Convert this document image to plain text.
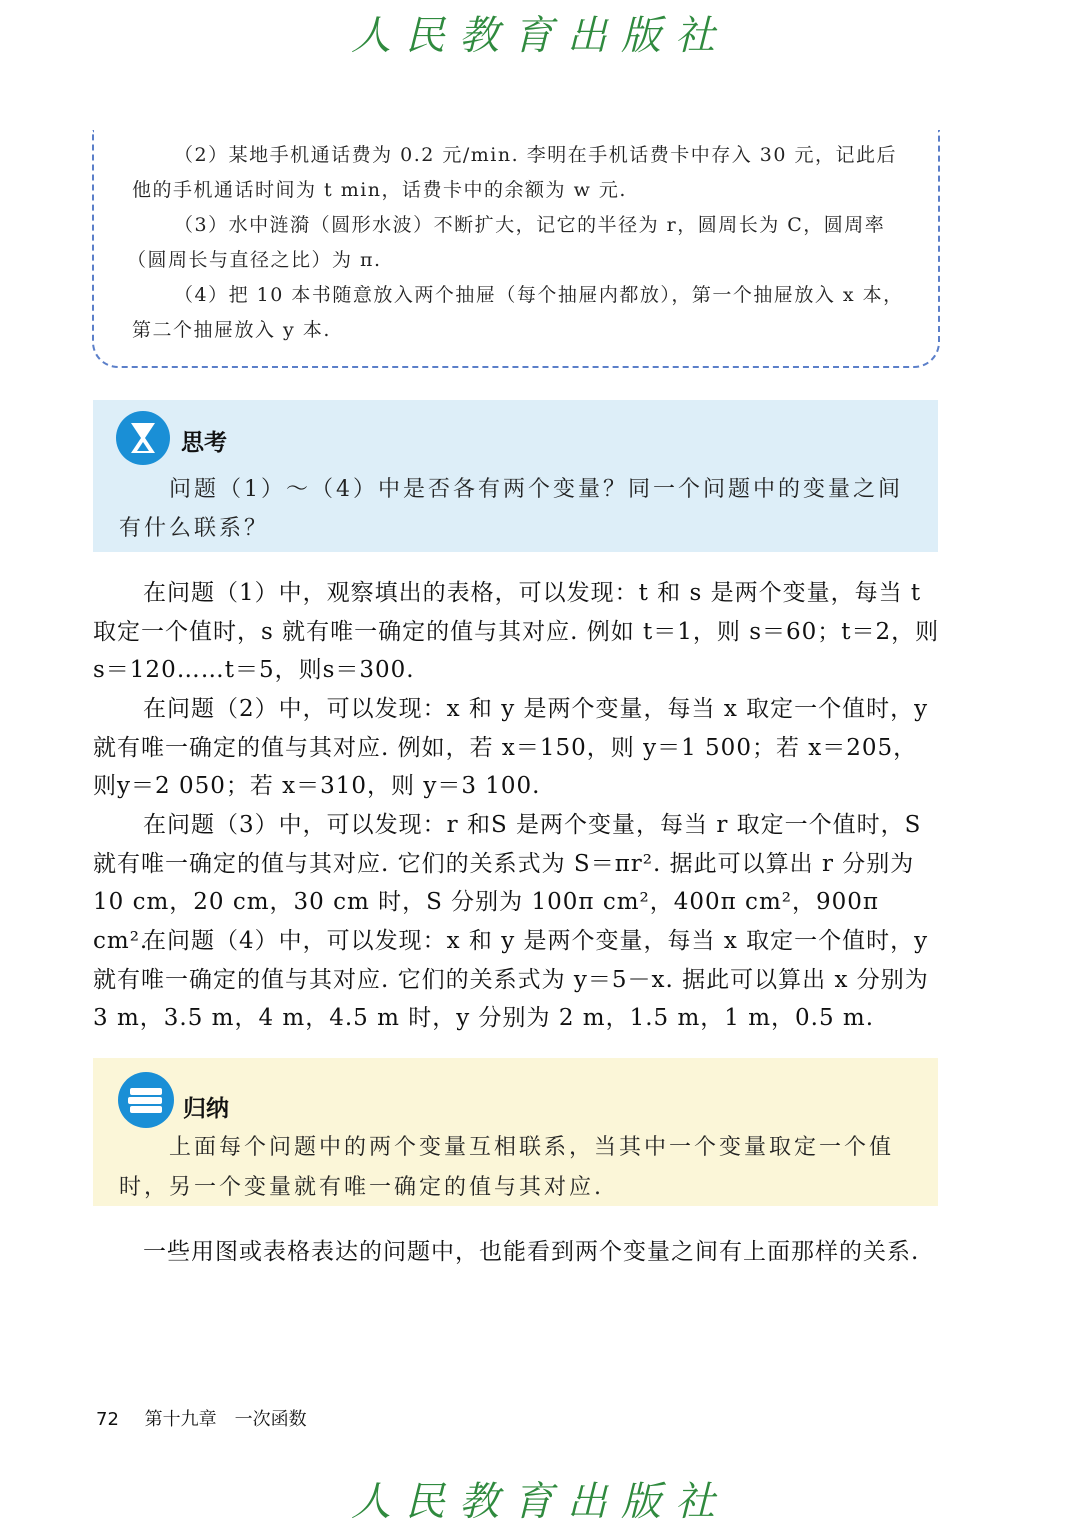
人民教育出版社
（2）某地手机通话费为 0.2 元/min. 李明在手机话费卡中存入 30 元，记此后
他的手机通话时间为 t min，话费卡中的余额为 w 元.
（3）水中涟漪（圆形水波）不断扩大，记它的半径为 r，圆周长为 C，圆周率
（圆周长与直径之比）为 π.
（4）把 10 本书随意放入两个抽屉（每个抽屉内都放），第一个抽屉放入 x 本，
第二个抽屉放入 y 本.
思考
问题（1）～（4）中是否各有两个变量？同一个问题中的变量之间有什么联系？

在问题（1）中，观察填出的表格，可以发现：t 和 s 是两个变量，每当 t 取定一个值时，s 就有唯一确定的值与其对应. 例如 t＝1，则 s＝60；t＝2，则 s＝120……t＝5，则s＝300.

在问题（2）中，可以发现：x 和 y 是两个变量，每当 x 取定一个值时，y 就有唯一确定的值与其对应. 例如，若 x＝150，则 y＝1 500；若 x＝205，则y＝2 050；若 x＝310，则 y＝3 100.

在问题（3）中，可以发现：r 和S 是两个变量，每当 r 取定一个值时，S 就有唯一确定的值与其对应. 它们的关系式为 S＝πr². 据此可以算出 r 分别为 10 cm，20 cm，30 cm 时，S 分别为 100π cm²，400π cm²，900π cm².

在问题（4）中，可以发现：x 和 y 是两个变量，每当 x 取定一个值时，y 就有唯一确定的值与其对应. 它们的关系式为 y＝5－x. 据此可以算出 x 分别为 3 m，3.5 m，4 m，4.5 m 时，y 分别为 2 m，1.5 m，1 m，0.5 m.

归纳
上面每个问题中的两个变量互相联系，当其中一个变量取定一个值时，另一个变量就有唯一确定的值与其对应.

一些用图或表格表达的问题中，也能看到两个变量之间有上面那样的关系.

72 第十九章　一次函数
人民教育出版社
